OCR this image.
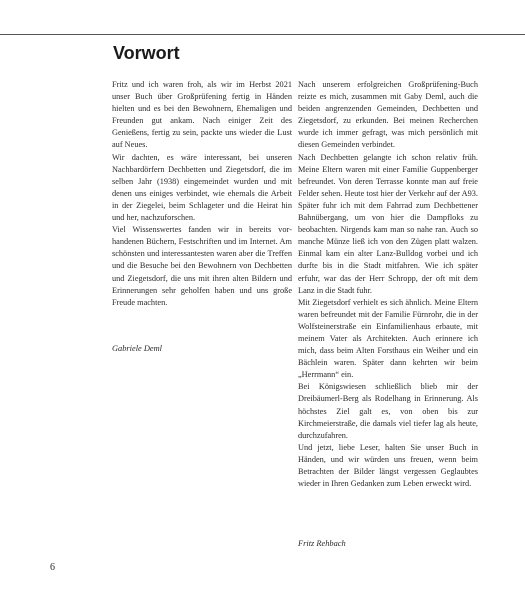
Vorwort

Fritz und ich waren froh, als wir im Herbst 2021 unser Buch über Großprüfening fertig in Händen hielten und es bei den Bewohnern, Ehemaligen und Freunden gut ankam. Nach einiger Zeit des Genießens, fertig zu sein, packte uns wieder die Lust auf Neues.

Wir dachten, es wäre interessant, bei unseren Nachbardörfern Dechbetten und Ziegetsdorf, die im selben Jahr (1938) eingemeindet wurden und mit denen uns einiges verbindet, wie ehemals die Arbeit in der Ziegelei, beim Schlageter und die Heirat hin und her, nachzuforschen.

Viel Wissenswertes fanden wir in bereits vorhandenen Büchern, Festschriften und im Internet. Am schönsten und interessantesten waren aber die Treffen und die Besuche bei den Bewohnern von Dechbetten und Ziegetsdorf, die uns mit ihren alten Bildern und Erinnerungen sehr geholfen haben und uns große Freude machten.

Gabriele Deml

Nach unserem erfolgreichen Großprüfening-Buch reizte es mich, zusammen mit Gaby Deml, auch die beiden angrenzenden Gemeinden, Dechbetten und Ziegetsdorf, zu erkunden. Bei meinen Recherchen wurde ich immer gefragt, was mich persönlich mit diesen Gemeinden verbindet.

Nach Dechbetten gelangte ich schon relativ früh. Meine Eltern waren mit einer Familie Guppenberger befreundet. Von deren Terrasse konnte man auf freie Felder sehen. Heute tost hier der Verkehr auf der A93. Später fuhr ich mit dem Fahrrad zum Dechbettener Bahnübergang, um von hier die Dampfloks zu beobachten. Nirgends kam man so nahe ran. Auch so manche Münze ließ ich von den Zügen platt walzen. Einmal kam ein alter Lanz-Bulldog vorbei und ich durfte bis in die Stadt mitfahren. Wie ich später erfuhr, war das der Herr Schropp, der oft mit dem Lanz in die Stadt fuhr.

Mit Ziegetsdorf verhielt es sich ähnlich. Meine Eltern waren befreundet mit der Familie Fürnrohr, die in der Wolfsteinerstraße ein Einfamilienhaus erbaute, mit meinem Vater als Architekten. Auch erinnere ich mich, dass beim Alten Forsthaus ein Weiher und ein Bächlein waren. Später dann kehrten wir beim „Herrmann“ ein.

Bei Königswiesen schließlich blieb mir der Dreibäumerl-Berg als Rodelhang in Erinnerung. Als höchstes Ziel galt es, von oben bis zur Kirchmeierstraße, die damals viel tiefer lag als heute, durchzufahren.

Und jetzt, liebe Leser, halten Sie unser Buch in Händen, und wir würden uns freuen, wenn beim Betrachten der Bilder längst vergessen Geglaubtes wieder in Ihren Gedanken zum Leben erweckt wird.

Fritz Rehbach
6
